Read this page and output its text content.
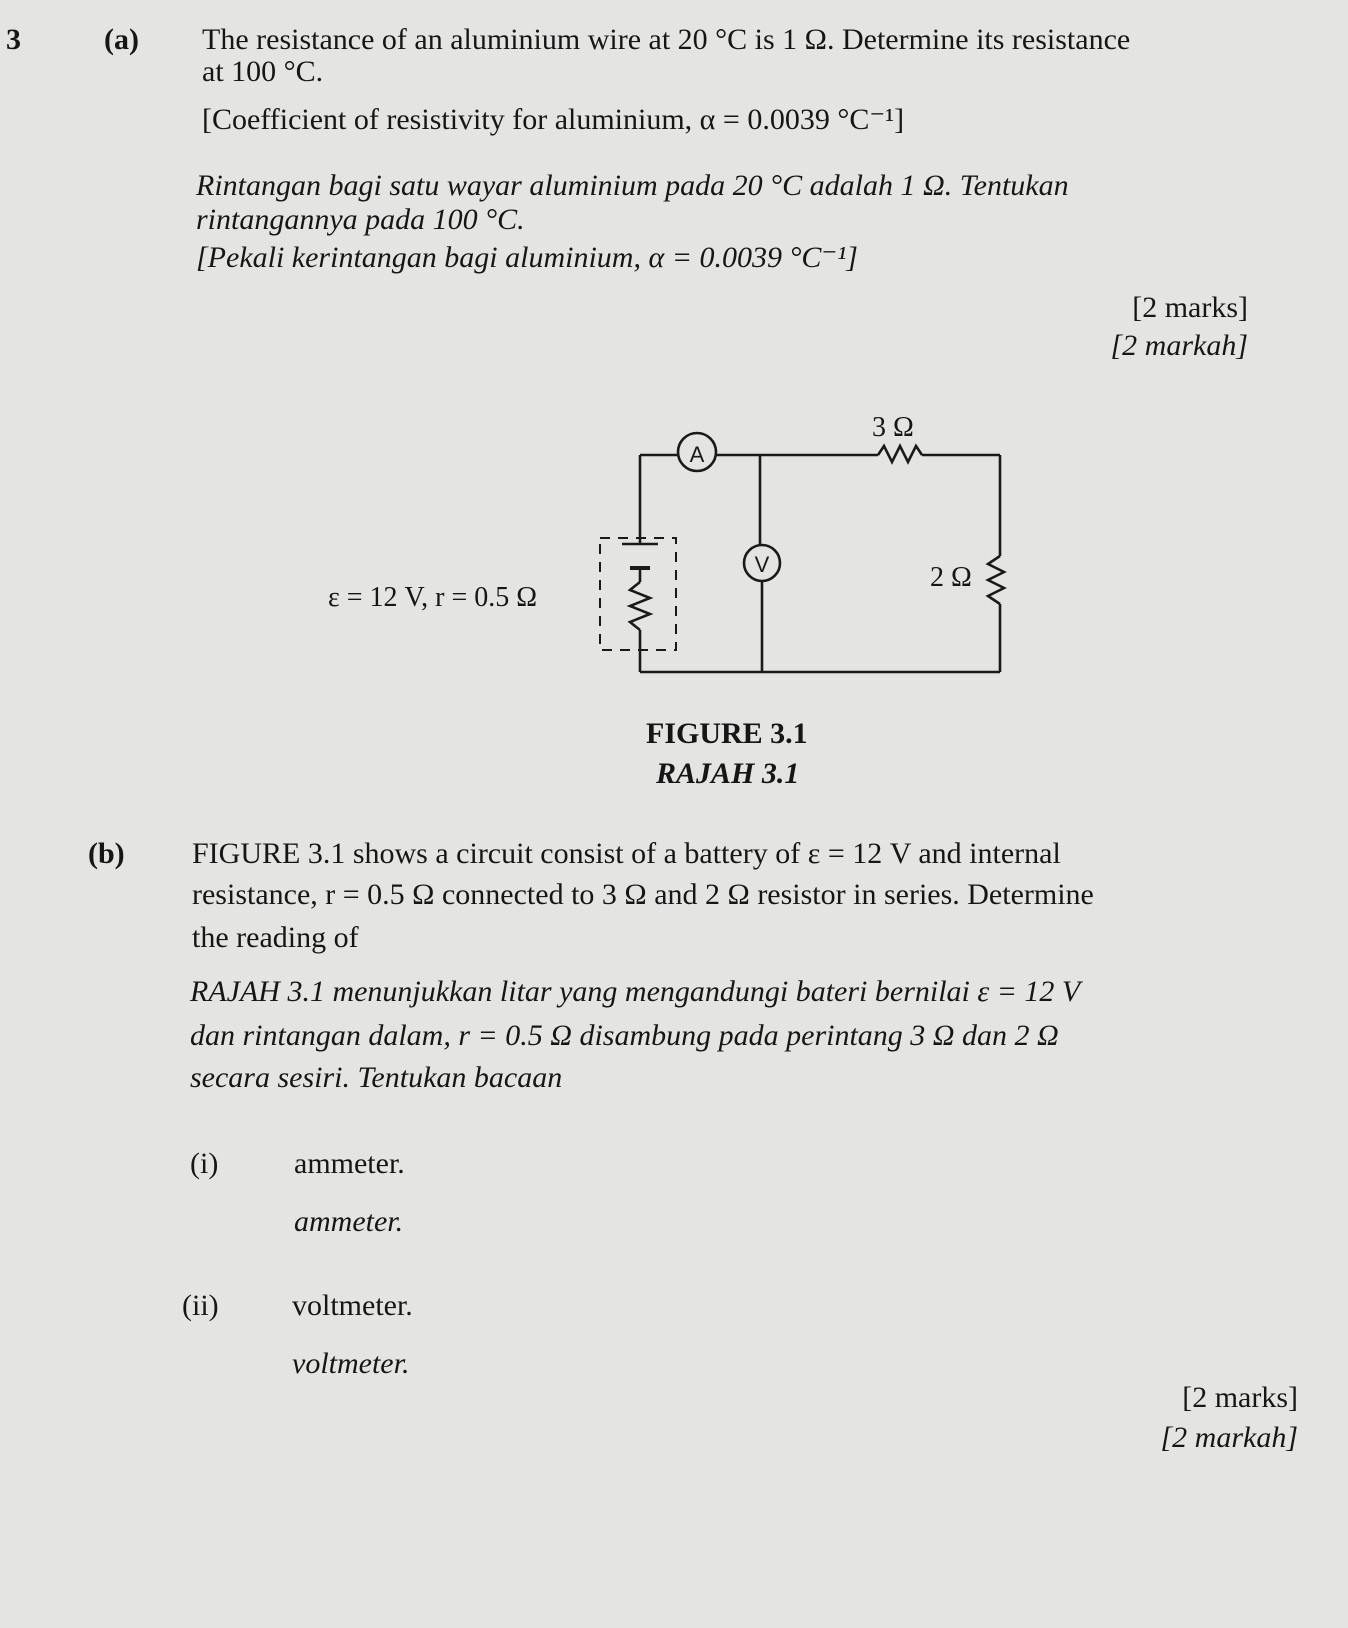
3	(a) The resistance of an aluminium wire at 20 °C is 1 Ω. Determine its resistance
at 100 °C.
[Coefficient of resistivity for aluminium, α = 0.0039 °C⁻¹]
Rintangan bagi satu wayar aluminium pada 20 °C adalah 1 Ω. Tentukan
rintangannya pada 100 °C.
[Pekali kerintangan bagi aluminium, α = 0.0039 °C⁻¹]
[2 marks]
[2 markah]
A
V
3 Ω
2 Ω
ε = 12 V, r = 0.5 Ω
FIGURE 3.1
RAJAH 3.1
(b) FIGURE 3.1 shows a circuit consist of a battery of ε = 12 V and internal
resistance, r = 0.5 Ω connected to 3 Ω and 2 Ω resistor in series. Determine
the reading of
RAJAH 3.1 menunjukkan litar yang mengandungi bateri bernilai ε = 12 V
dan rintangan dalam, r = 0.5 Ω disambung pada perintang 3 Ω dan 2 Ω
secara sesiri. Tentukan bacaan
(i)	ammeter.
ammeter.
(ii) voltmeter.
voltmeter.
[2 marks]
[2 markah]
